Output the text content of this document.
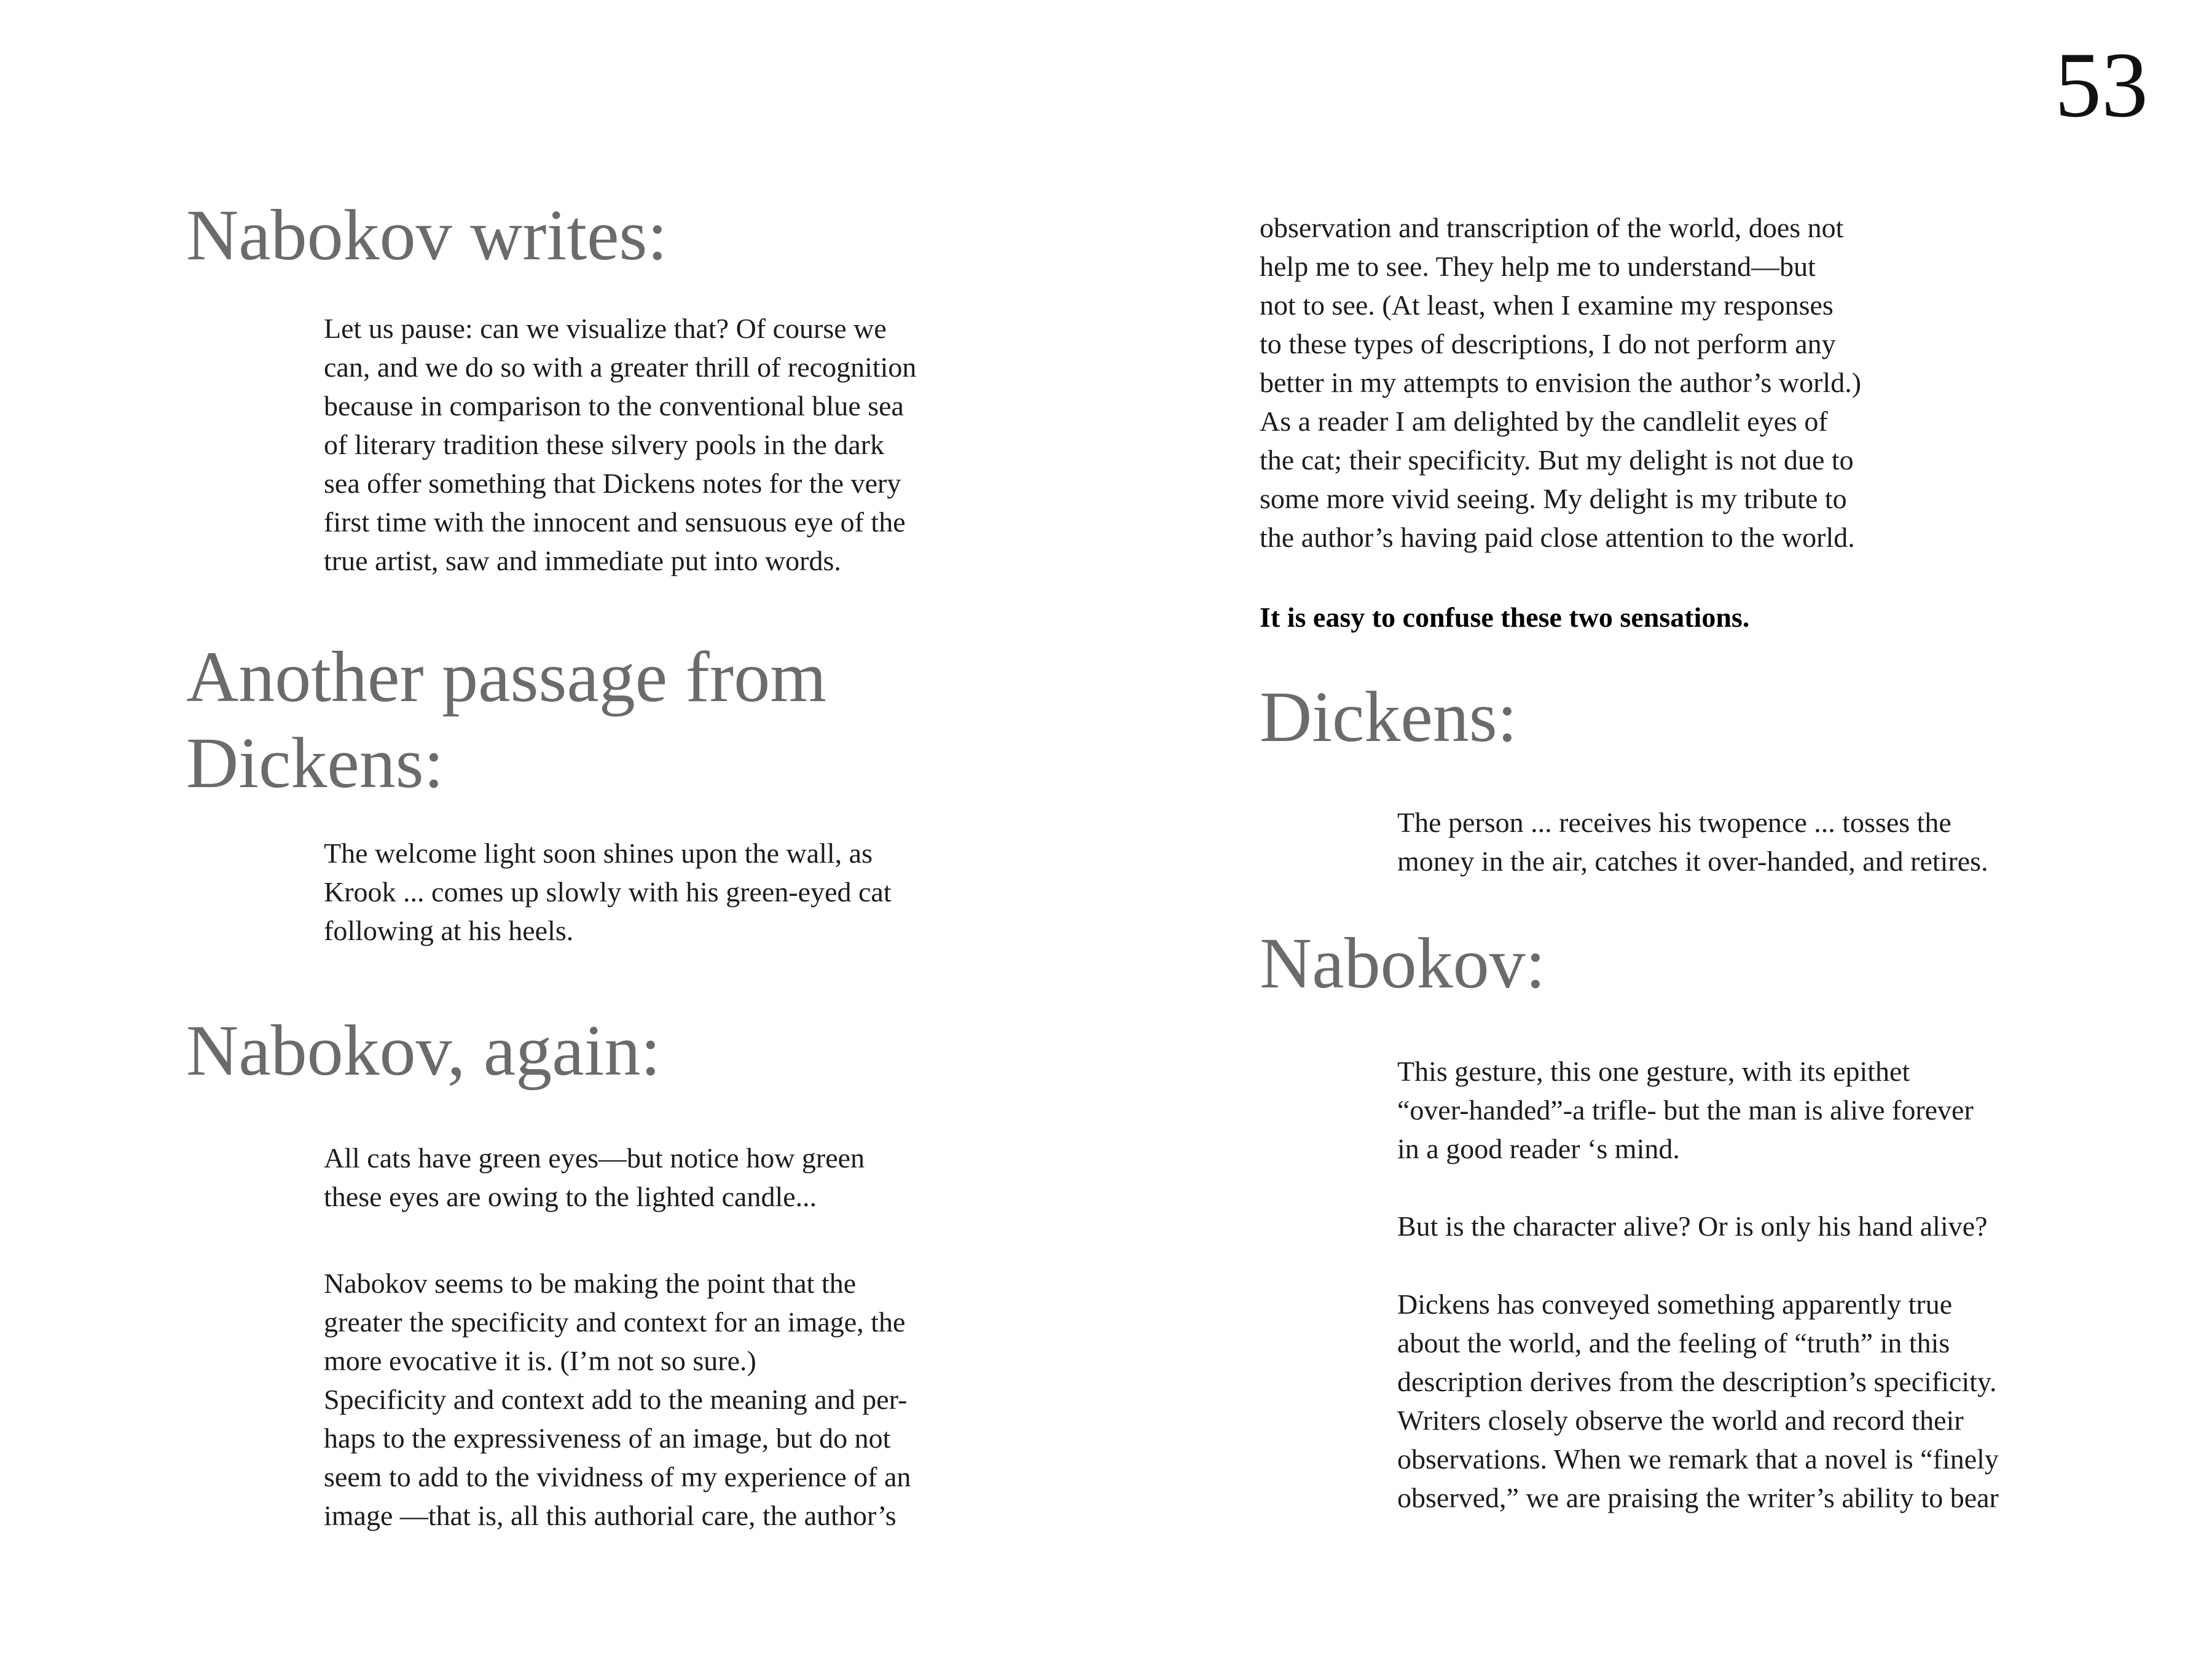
53
Nabokov writes:
Let us pause: can we visualize that? Of course we
can, and we do so with a greater thrill of recognition
because in comparison to the conventional blue sea
of literary tradition these silvery pools in the dark
sea offer something that Dickens notes for the very
first time with the innocent and sensuous eye of the
true artist, saw and immediate put into words.
Another passage from
Dickens:
The welcome light soon shines upon the wall, as
Krook ... comes up slowly with his green-eyed cat
following at his heels.
Nabokov, again:
All cats have green eyes—but notice how green
these eyes are owing to the lighted candle...
Nabokov seems to be making the point that the
greater the specificity and context for an image, the
more evocative it is. (I’m not so sure.)
Specificity and context add to the meaning and per-
haps to the expressiveness of an image, but do not
seem to add to the vividness of my experience of an
image —that is, all this authorial care, the author’s
observation and transcription of the world, does not
help me to see. They help me to understand—but
not to see. (At least, when I examine my responses
to these types of descriptions, I do not perform any
better in my attempts to envision the author’s world.)
As a reader I am delighted by the candlelit eyes of
the cat; their specificity. But my delight is not due to
some more vivid seeing. My delight is my tribute to
the author’s having paid close attention to the world.
It is easy to confuse these two sensations.
Dickens:
The person ... receives his twopence ... tosses the
money in the air, catches it over-handed, and retires.
Nabokov:
This gesture, this one gesture, with its epithet
“over-handed”-a trifle- but the man is alive forever
in a good reader ‘s mind.
But is the character alive? Or is only his hand alive?
Dickens has conveyed something apparently true
about the world, and the feeling of “truth” in this
description derives from the description’s specificity.
Writers closely observe the world and record their
observations. When we remark that a novel is “finely
observed,” we are praising the writer’s ability to bear
